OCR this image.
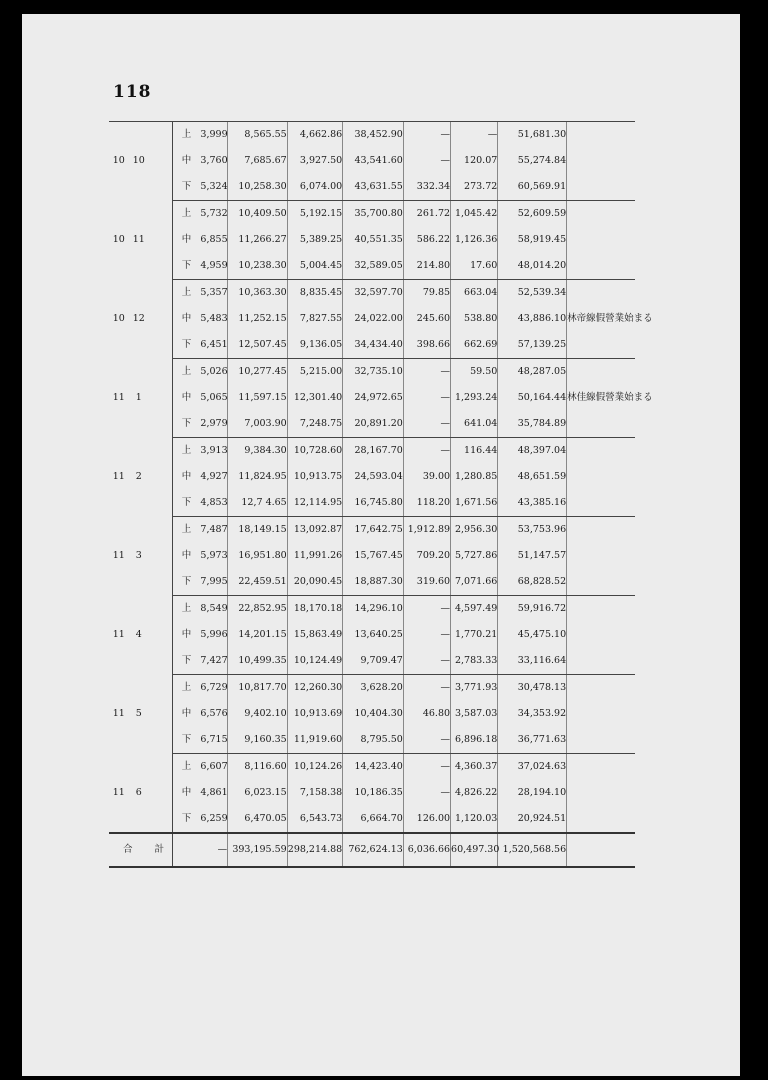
118
10	10		上	3,999	8,565.55	4,662.86	38,452.90	—	—	51,681.30	
			中	3,760	7,685.67	3,927.50	43,541.60	—	120.07	55,274.84	
			下	5,324	10,258.30	6,074.00	43,631.55	332.34	273.72	60,569.91	
10	11		上	5,732	10,409.50	5,192.15	35,700.80	261.72	1,045.42	52,609.59	
			中	6,855	11,266.27	5,389.25	40,551.35	586.22	1,126.36	58,919.45	
			下	4,959	10,238.30	5,004.45	32,589.05	214.80	17.60	48,014.20	
10	12		上	5,357	10,363.30	8,835.45	32,597.70	79.85	663.04	52,539.34	
			中	5,483	11,252.15	7,827.55	24,022.00	245.60	538.80	43,886.10	林帝線假營業始まる
			下	6,451	12,507.45	9,136.05	34,434.40	398.66	662.69	57,139.25	
11	1		上	5,026	10,277.45	5,215.00	32,735.10	—	59.50	48,287.05	
			中	5,065	11,597.15	12,301.40	24,972.65	—	1,293.24	50,164.44	林佳線假營業始まる
			下	2,979	7,003.90	7,248.75	20,891.20	—	641.04	35,784.89	
11	2		上	3,913	9,384.30	10,728.60	28,167.70	—	116.44	48,397.04	
			中	4,927	11,824.95	10,913.75	24,593.04	39.00	1,280.85	48,651.59	
			下	4,853	12,7 4.65	12,114.95	16,745.80	118.20	1,671.56	43,385.16	
11	3		上	7,487	18,149.15	13,092.87	17,642.75	1,912.89	2,956.30	53,753.96	
			中	5,973	16,951.80	11,991.26	15,767.45	709.20	5,727.86	51,147.57	
			下	7,995	22,459.51	20,090.45	18,887.30	319.60	7,071.66	68,828.52	
11	4		上	8,549	22,852.95	18,170.18	14,296.10	—	4,597.49	59,916.72	
			中	5,996	14,201.15	15,863.49	13,640.25	—	1,770.21	45,475.10	
			下	7,427	10,499.35	10,124.49	9,709.47	—	2,783.33	33,116.64	
11	5		上	6,729	10,817.70	12,260.30	3,628.20	—	3,771.93	30,478.13	
			中	6,576	9,402.10	10,913.69	10,404.30	46.80	3,587.03	34,353.92	
			下	6,715	9,160.35	11,919.60	8,795.50	—	6,896.18	36,771.63	
11	6		上	6,607	8,116.60	10,124.26	14,423.40	—	4,360.37	37,024.63	
			中	4,861	6,023.15	7,158.38	10,186.35	—	4,826.22	28,194.10	
			下	6,259	6,470.05	6,543.73	6,664.70	126.00	1,120.03	20,924.51	
合計				—	393,195.59	298,214.88	762,624.13	6,036.66	60,497.30	1,520,568.56	
